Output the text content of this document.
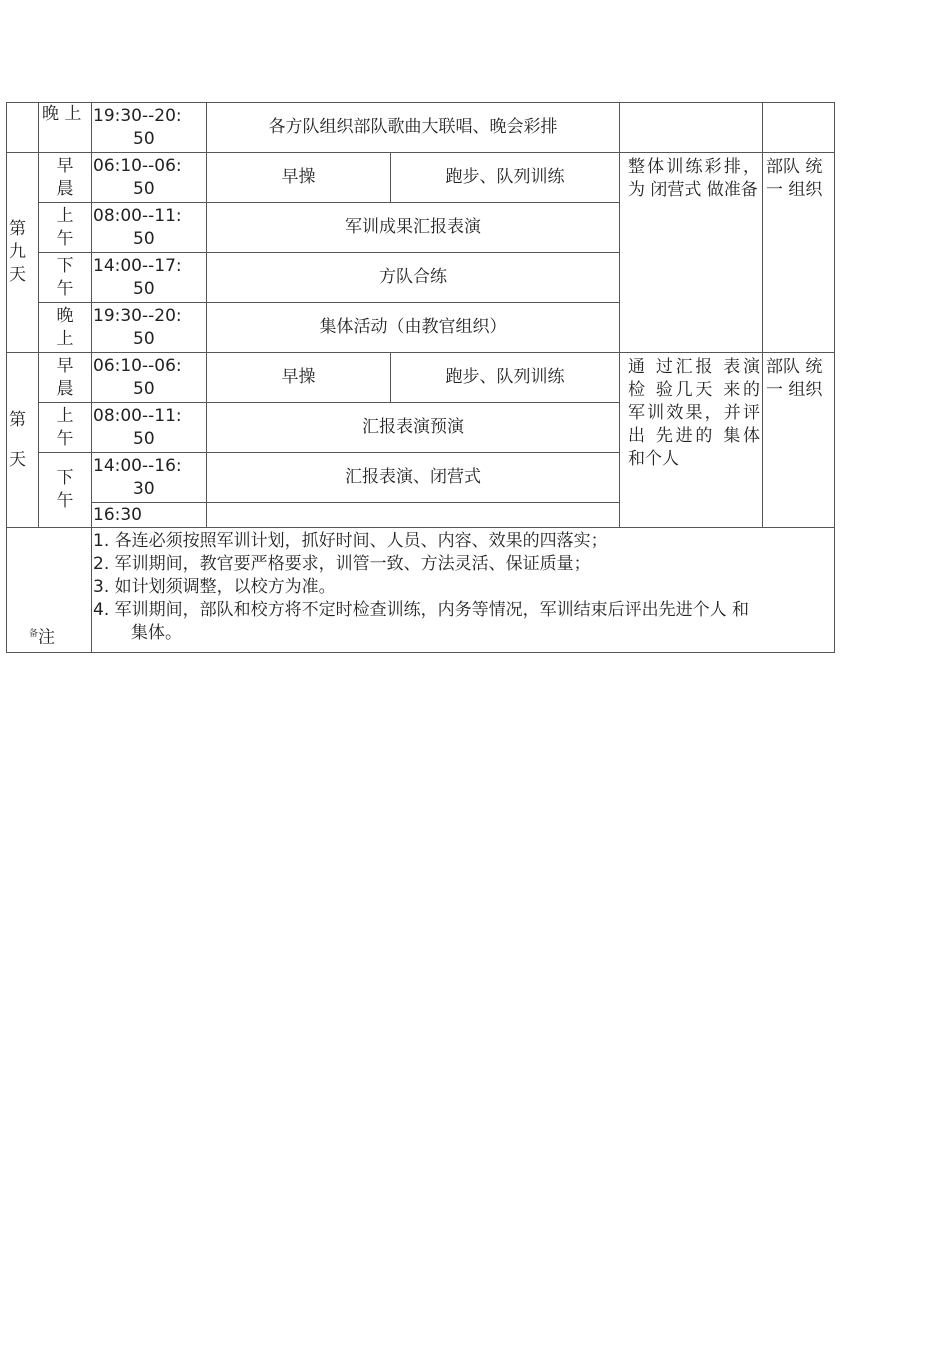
	晚 上	19:30--20:
50	各方队组织部队歌曲大联唱、晚会彩排			
第九天	早晨	06:10--06:
50	早操	跑步、队列训练	整体训练彩排，为 闭营式 做准备	部队 统一 组织
	上午	08:00--11:
50	军训成果汇报表演			
	下午	14:00--17:
50	方队合练			
	晚上	19:30--20:
50	集体活动（由教官组织）			
第 天	早晨	06:10--06:
50	早操	跑步、队列训练	通 过汇报 表演 检 验几天 来的 军训效果，并评 出 先进的 集体 和个人	部队 统一 组织
	上午	08:00--11:
50	汇报表演预演			
	下午	14:00--16:
30	汇报表演、闭营式			
		16:30				
$^备$注		1. 各连必须按照军训计划，抓好时间、人员、内容、效果的四落实；
2. 军训期间，教官要严格要求，训管一致、方法灵活、保证质量；
3. 如计划须调整，以校方为准。
4. 军训期间，部队和校方将不定时检查训练，内务等情况，军训结束后评出先进个人 和
集体。				
